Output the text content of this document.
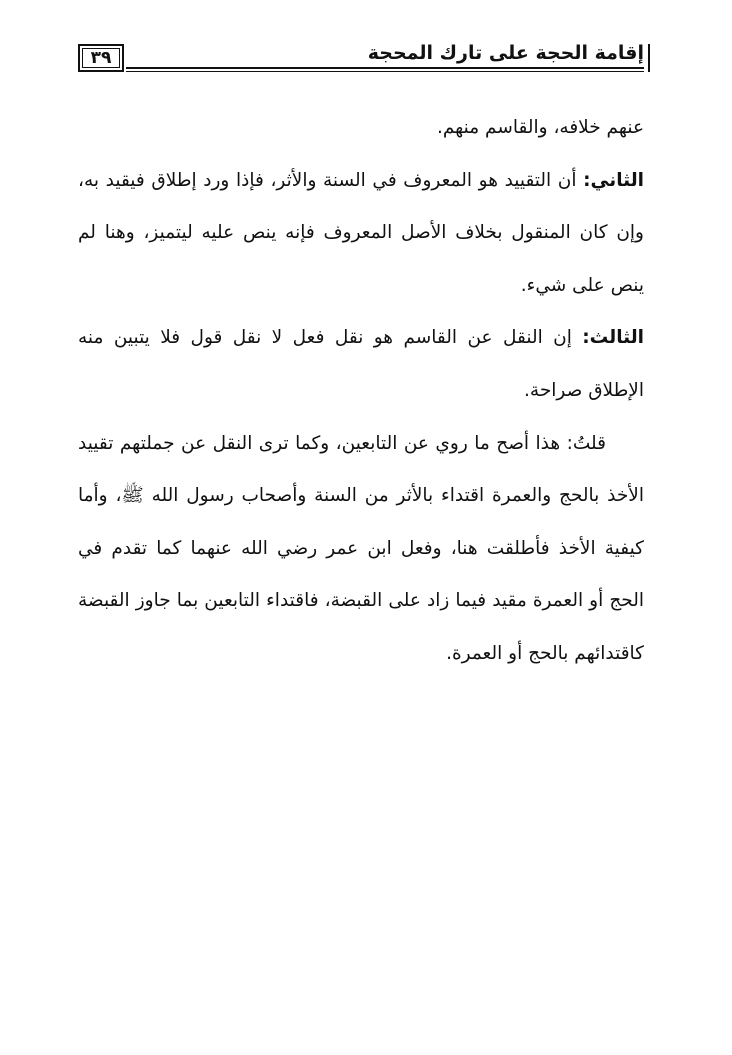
٣٩	إقامة الحجة على تارك المحجة

عنهم خلافه، والقاسم منهم.

الثاني: أن التقييد هو المعروف في السنة والأثر، فإذا ورد إطلاق فيقيد به، وإن كان المنقول بخلاف الأصل المعروف فإنه ينص عليه ليتميز، وهنا لم ينص على شيء.

الثالث: إن النقل عن القاسم هو نقل فعل لا نقل قول فلا يتبين منه الإطلاق صراحة.

قلتُ: هذا أصح ما روي عن التابعين، وكما ترى النقل عن جملتهم تقييد الأخذ بالحج والعمرة اقتداء بالأثر من السنة وأصحاب رسول الله ﷺ، وأما كيفية الأخذ فأطلقت هنا، وفعل ابن عمر رضي الله عنهما كما تقدم في الحج أو العمرة مقيد فيما زاد على القبضة، فاقتداء التابعين بما جاوز القبضة كاقتدائهم بالحج أو العمرة.
